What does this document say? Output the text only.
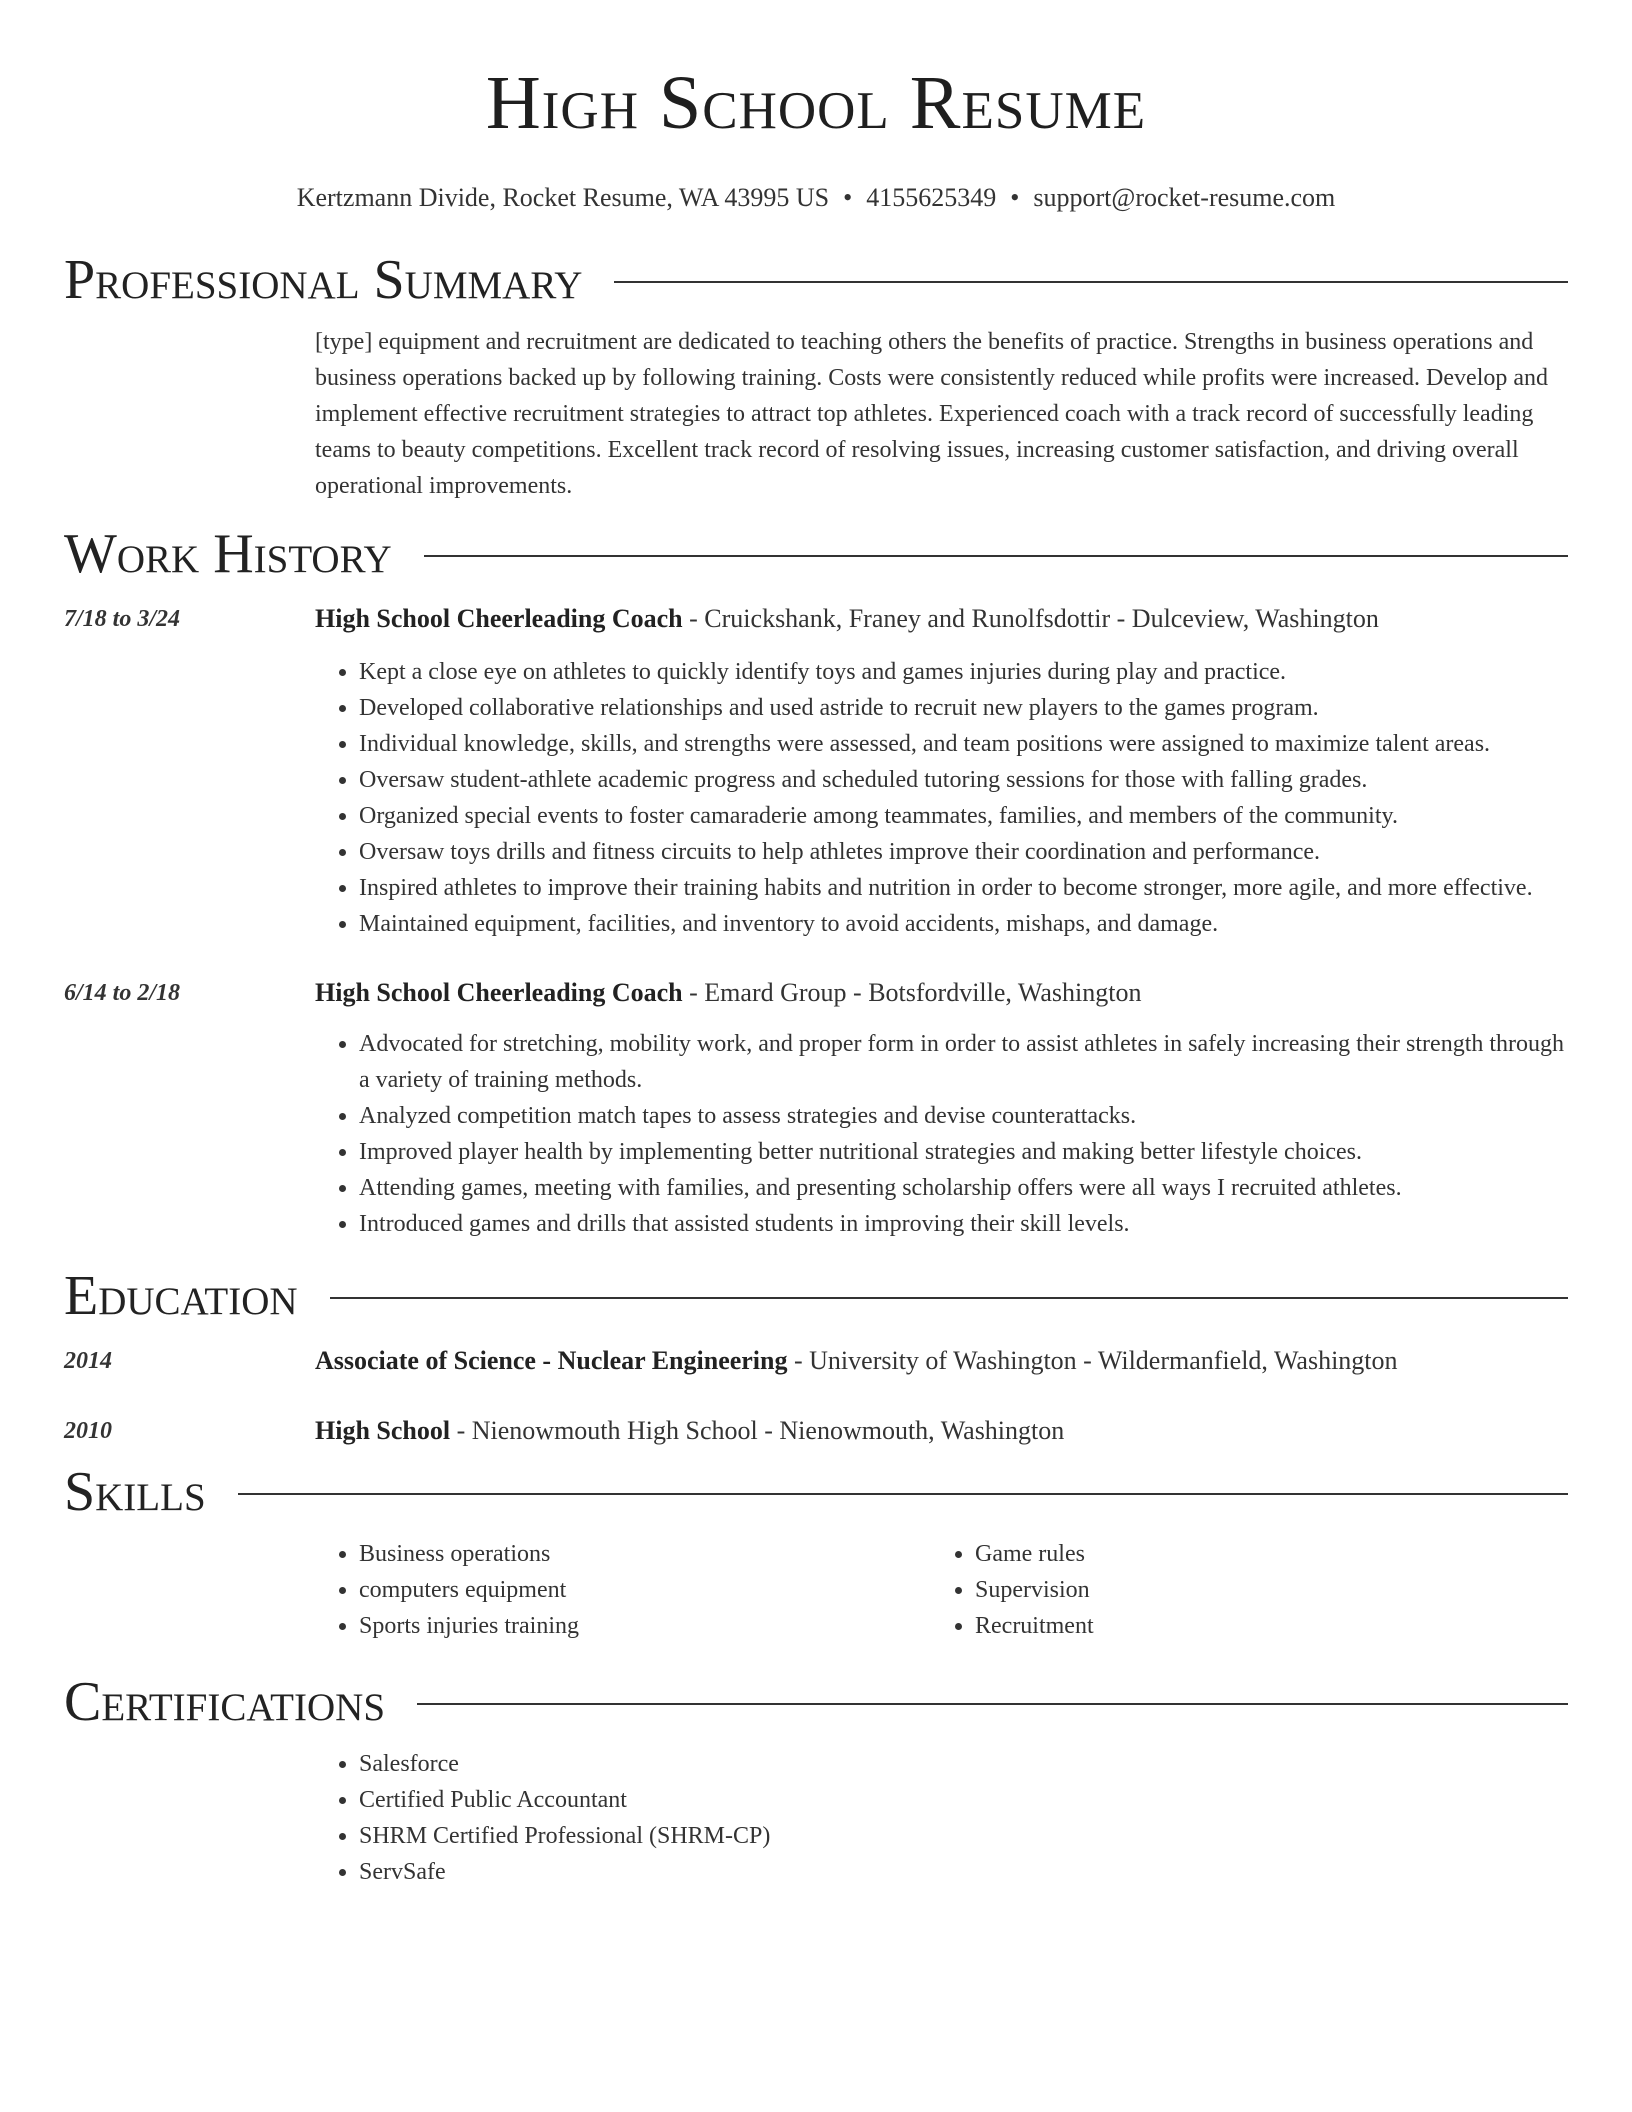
High School Resume
Kertzmann Divide, Rocket Resume, WA 43995 US • 4155625349 • support@rocket-resume.com
Professional Summary
[type] equipment and recruitment are dedicated to teaching others the benefits of practice. Strengths in business operations and business operations backed up by following training. Costs were consistently reduced while profits were increased. Develop and implement effective recruitment strategies to attract top athletes. Experienced coach with a track record of successfully leading teams to beauty competitions. Excellent track record of resolving issues, increasing customer satisfaction, and driving overall operational improvements.
Work History
7/18 to 3/24	High School Cheerleading Coach - Cruickshank, Franey and Runolfsdottir - Dulceview, Washington
• Kept a close eye on athletes to quickly identify toys and games injuries during play and practice.
• Developed collaborative relationships and used astride to recruit new players to the games program.
• Individual knowledge, skills, and strengths were assessed, and team positions were assigned to maximize talent areas.
• Oversaw student-athlete academic progress and scheduled tutoring sessions for those with falling grades.
• Organized special events to foster camaraderie among teammates, families, and members of the community.
• Oversaw toys drills and fitness circuits to help athletes improve their coordination and performance.
• Inspired athletes to improve their training habits and nutrition in order to become stronger, more agile, and more effective.
• Maintained equipment, facilities, and inventory to avoid accidents, mishaps, and damage.
6/14 to 2/18	High School Cheerleading Coach - Emard Group - Botsfordville, Washington
• Advocated for stretching, mobility work, and proper form in order to assist athletes in safely increasing their strength through a variety of training methods.
• Analyzed competition match tapes to assess strategies and devise counterattacks.
• Improved player health by implementing better nutritional strategies and making better lifestyle choices.
• Attending games, meeting with families, and presenting scholarship offers were all ways I recruited athletes.
• Introduced games and drills that assisted students in improving their skill levels.
Education
2014	Associate of Science - Nuclear Engineering - University of Washington - Wildermanfield, Washington
2010	High School - Nienowmouth High School - Nienowmouth, Washington
Skills
• Business operations
• computers equipment
• Sports injuries training
• Game rules
• Supervision
• Recruitment
Certifications
• Salesforce
• Certified Public Accountant
• SHRM Certified Professional (SHRM-CP)
• ServSafe
